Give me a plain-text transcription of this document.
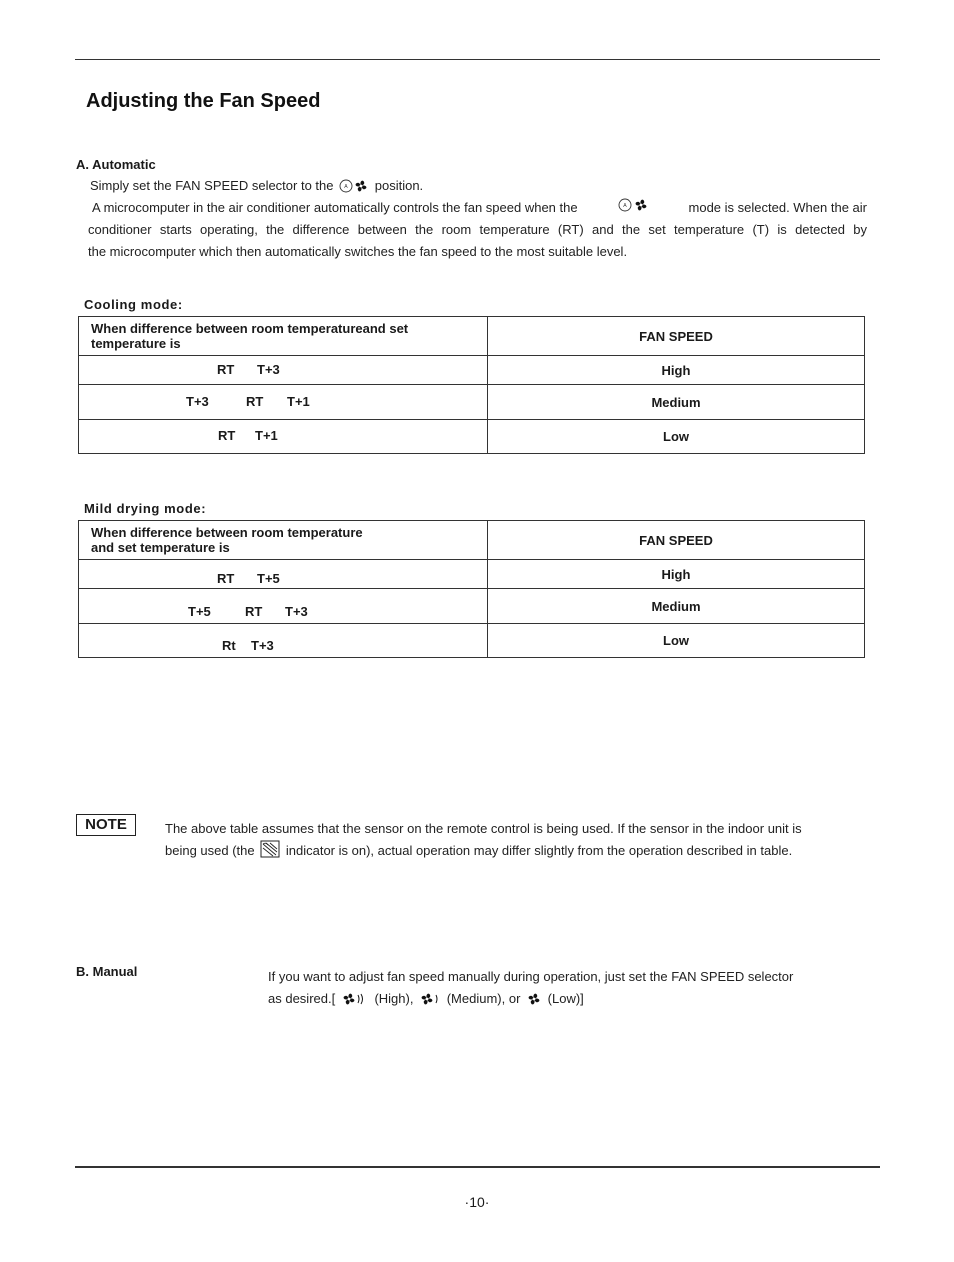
Adjusting the Fan Speed
A. Automatic
Simply set the FAN SPEED selector to the A position.
A microcomputer in the air conditioner automatically controls the fan speed when the	A	mode is selected. When the air
conditioner starts operating, the difference between the room temperature (RT) and the set temperature (T) is detected by
the microcomputer which then automatically switches the fan speed to the most suitable level.
Cooling mode:
When difference between room temperatureand set temperature is	FAN SPEED

RT T+3	High

T+3 RT T+1	Medium

RT T+1	Low
Mild drying mode:
When difference between room temperature
and set temperature is	FAN SPEED

RT T+5	High

T+5 RT T+3	Medium

Rt T+3	Low
NOTE	The above table assumes that the sensor on the remote control is being used. If the sensor in the indoor unit is
being used (the indicator is on), actual operation may differ slightly from the operation described in table.
B. Manual	If you want to adjust fan speed manually during operation, just set the FAN SPEED selector
as desired.[	(High),	(Medium), or (Low)]
·10·
